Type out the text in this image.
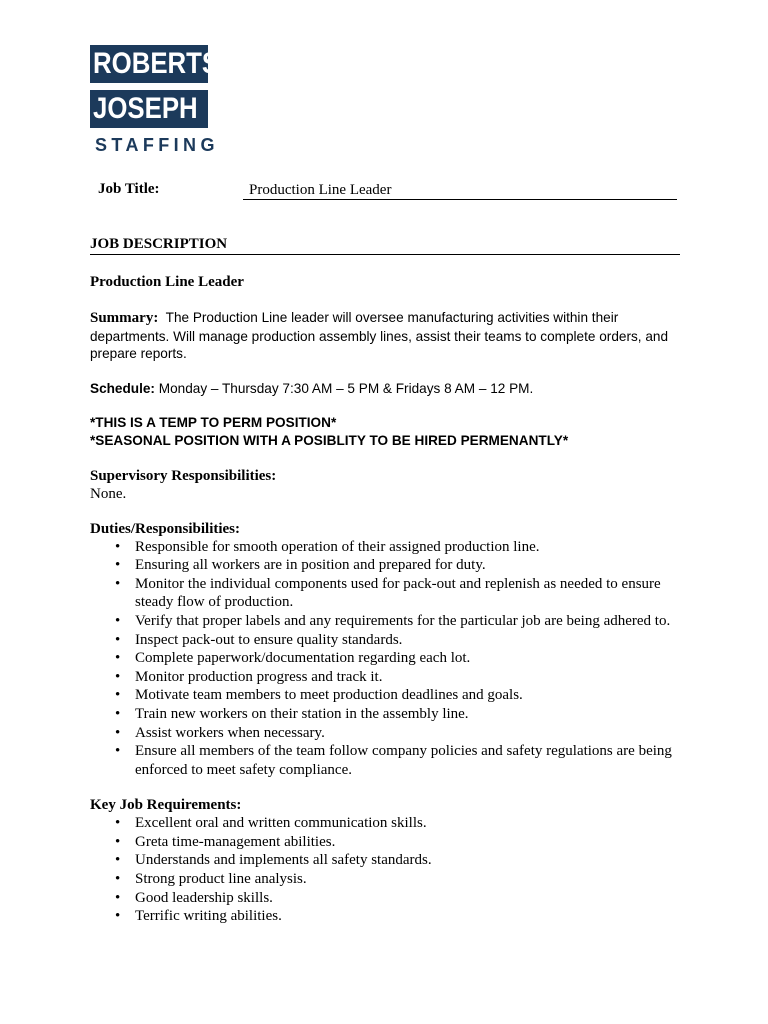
ROBERTS
JOSEPH
STAFFING
Job Title:	Production Line Leader
JOB DESCRIPTION
Production Line Leader
Summary: The Production Line leader will oversee manufacturing activities within their departments. Will manage production assembly lines, assist their teams to complete orders, and prepare reports.
Schedule: Monday – Thursday 7:30 AM – 5 PM & Fridays 8 AM – 12 PM.
*THIS IS A TEMP TO PERM POSITION*
*SEASONAL POSITION WITH A POSIBLITY TO BE HIRED PERMENANTLY*
Supervisory Responsibilities:
None.
Duties/Responsibilities:
• Responsible for smooth operation of their assigned production line.
• Ensuring all workers are in position and prepared for duty.
• Monitor the individual components used for pack-out and replenish as needed to ensure steady flow of production.
• Verify that proper labels and any requirements for the particular job are being adhered to.
• Inspect pack-out to ensure quality standards.
• Complete paperwork/documentation regarding each lot.
• Monitor production progress and track it.
• Motivate team members to meet production deadlines and goals.
• Train new workers on their station in the assembly line.
• Assist workers when necessary.
• Ensure all members of the team follow company policies and safety regulations are being enforced to meet safety compliance.
Key Job Requirements:
• Excellent oral and written communication skills.
• Greta time-management abilities.
• Understands and implements all safety standards.
• Strong product line analysis.
• Good leadership skills.
• Terrific writing abilities.
